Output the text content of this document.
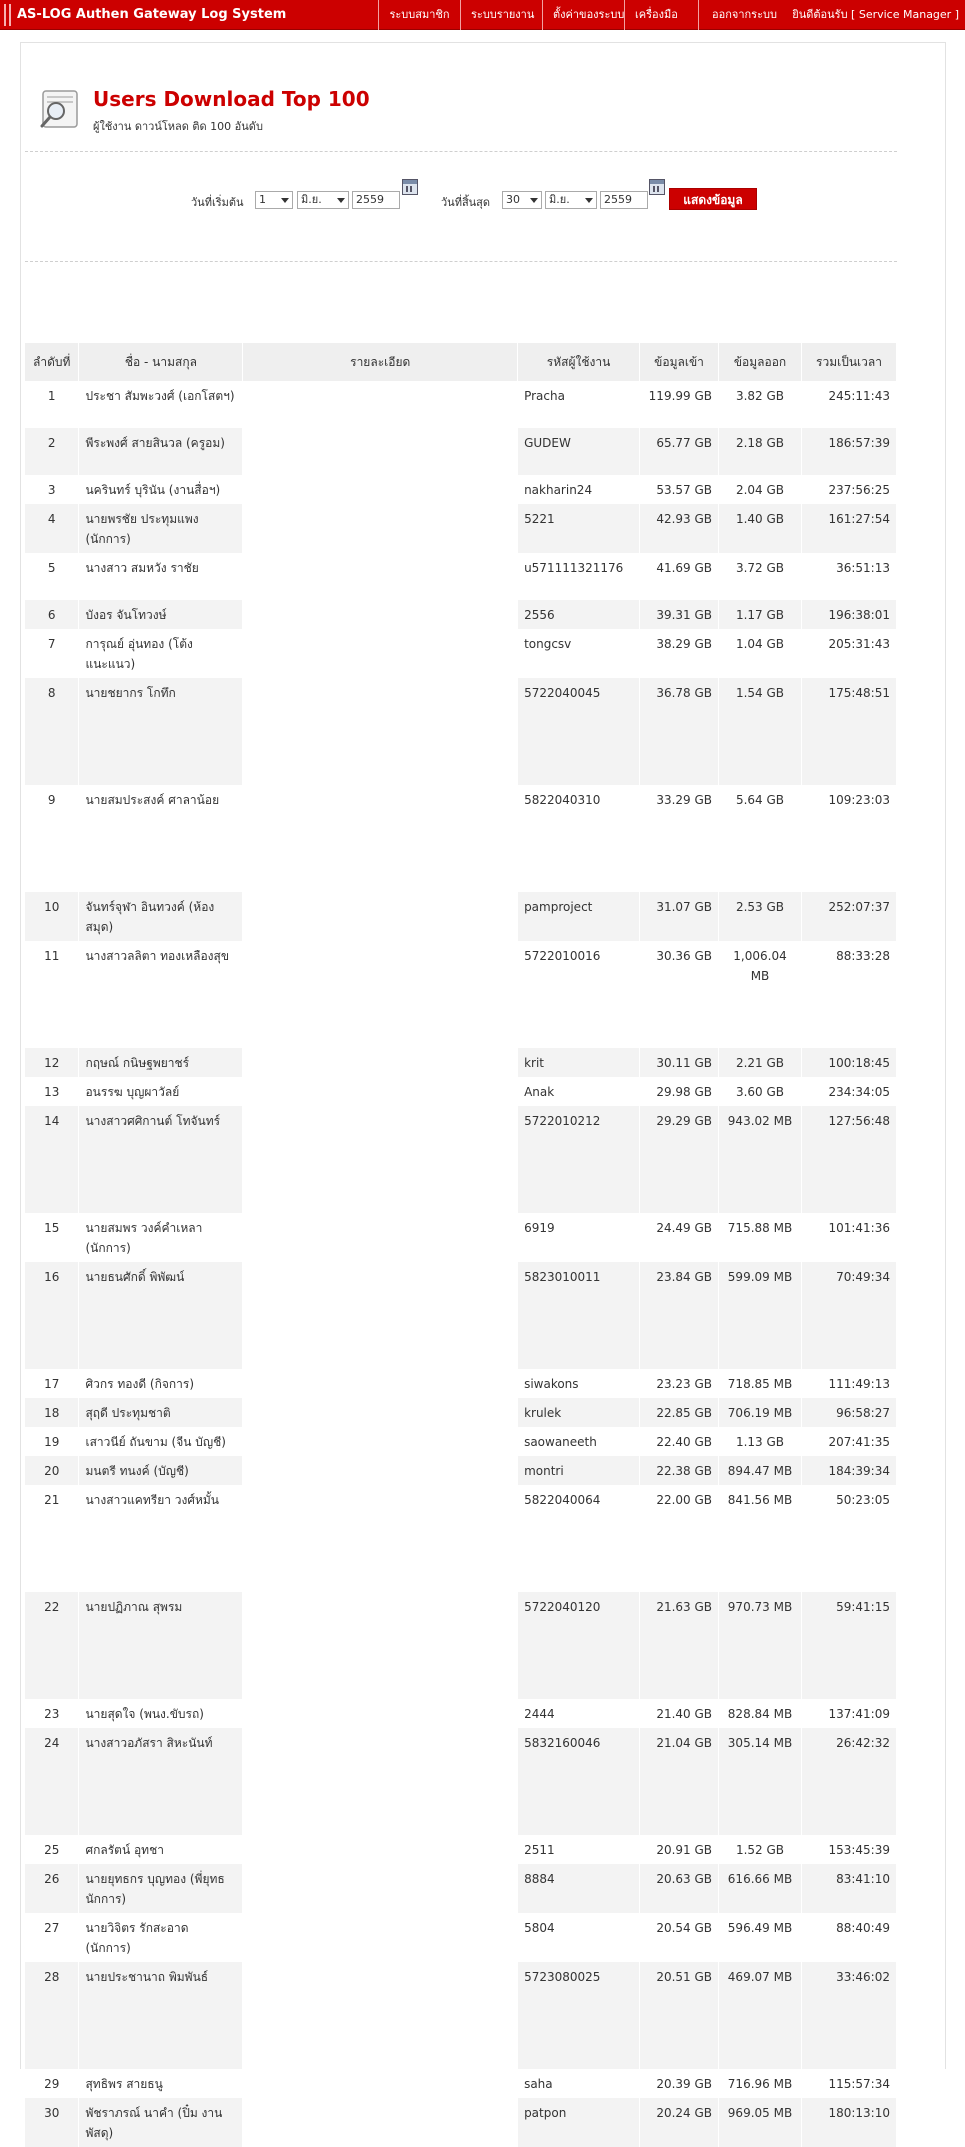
AS-LOG Authen Gateway Log System	ระบบสมาชิก	ระบบรายงาน	ตั้งค่าของระบบ เครื่องมือ	ออกจากระบบ	ยินดีต้อนรับ [ Service Manager ]
Users Download Top 100
ผู้ใช้งาน ดาวน์โหลด ติด 100 อันดับ
วันที่เริ่มต้น	1	มิ.ย.	2559	วันที่สิ้นสุด	30	มิ.ย.	2559	แสดงข้อมูล
ลำดับที่	ชื่อ - นามสกุล	รายละเอียด	รหัสผู้ใช้งาน	ข้อมูลเข้า	ข้อมูลออก	รวมเป็นเวลา
1	ประชา สัมพะวงศ์ (เอกโสตฯ)		Pracha	119.99 GB	3.82 GB	245:11:43
2	พีระพงศ์ สายสินวล (ครูอม)		GUDEW	65.77 GB	2.18 GB	186:57:39
3	นครินทร์ บุรินัน (งานสื่อฯ)		nakharin24	53.57 GB	2.04 GB	237:56:25
4	นายพรชัย ประทุมแพง (นักการ)		5221	42.93 GB	1.40 GB	161:27:54
5	นางสาว สมหวัง ราชัย		u571111321176	41.69 GB	3.72 GB	36:51:13
6	บังอร จันโทวงษ์		2556	39.31 GB	1.17 GB	196:38:01
7	การุณย์ อุ่นทอง (โต้ง แนะแนว)		tongcsv	38.29 GB	1.04 GB	205:31:43
8	นายชยากร โกทึก		5722040045	36.78 GB	1.54 GB	175:48:51
9	นายสมประสงค์ ศาลาน้อย		5822040310	33.29 GB	5.64 GB	109:23:03
10	จันทร์จุฬา อินทวงค์ (ห้องสมุด)		pamproject	31.07 GB	2.53 GB	252:07:37
11	นางสาวลลิตา ทองเหลืองสุข		5722010016	30.36 GB	1,006.04 MB	88:33:28
12	กฤษณ์ กนิษฐพยาชร์		krit	30.11 GB	2.21 GB	100:18:45
13	อนรรฆ บุญผาวัลย์		Anak	29.98 GB	3.60 GB	234:34:05
14	นางสาวศศิกานต์ โทจันทร์		5722010212	29.29 GB	943.02 MB	127:56:48
15	นายสมพร วงค์คำเหลา (นักการ)		6919	24.49 GB	715.88 MB	101:41:36
16	นายธนศักดิ์ พิพัฒน์		5823010011	23.84 GB	599.09 MB	70:49:34
17	ศิวกร ทองดี (กิจการ)		siwakons	23.23 GB	718.85 MB	111:49:13
18	สุฤดี ประทุมชาติ		krulek	22.85 GB	706.19 MB	96:58:27
19	เสาวนีย์ ถันขาม (จีน บัญชี)		saowaneeth	22.40 GB	1.13 GB	207:41:35
20	มนตรี ทนงค์ (บัญชี)		montri	22.38 GB	894.47 MB	184:39:34
21	นางสาวแคทรียา วงศ์หมั้น		5822040064	22.00 GB	841.56 MB	50:23:05
22	นายปฏิภาณ สุพรม		5722040120	21.63 GB	970.73 MB	59:41:15
23	นายสุดใจ (พนง.ขับรถ)		2444	21.40 GB	828.84 MB	137:41:09
24	นางสาวอภัสรา สิหะนันท์		5832160046	21.04 GB	305.14 MB	26:42:32
25	ศกลรัตน์ อุทชา		2511	20.91 GB	1.52 GB	153:45:39
26	นายยุทธกร บุญทอง (พี่ยุทธ นักการ)		8884	20.63 GB	616.66 MB	83:41:10
27	นายวิจิตร รักสะอาด (นักการ)		5804	20.54 GB	596.49 MB	88:40:49
28	นายประชานาถ พิมพันธ์		5723080025	20.51 GB	469.07 MB	33:46:02
29	สุทธิพร สายธนู		saha	20.39 GB	716.96 MB	115:57:34
30	พัชราภรณ์ นาคำ (ปิ๋ม งานพัสดุ)		patpon	20.24 GB	969.05 MB	180:13:10
